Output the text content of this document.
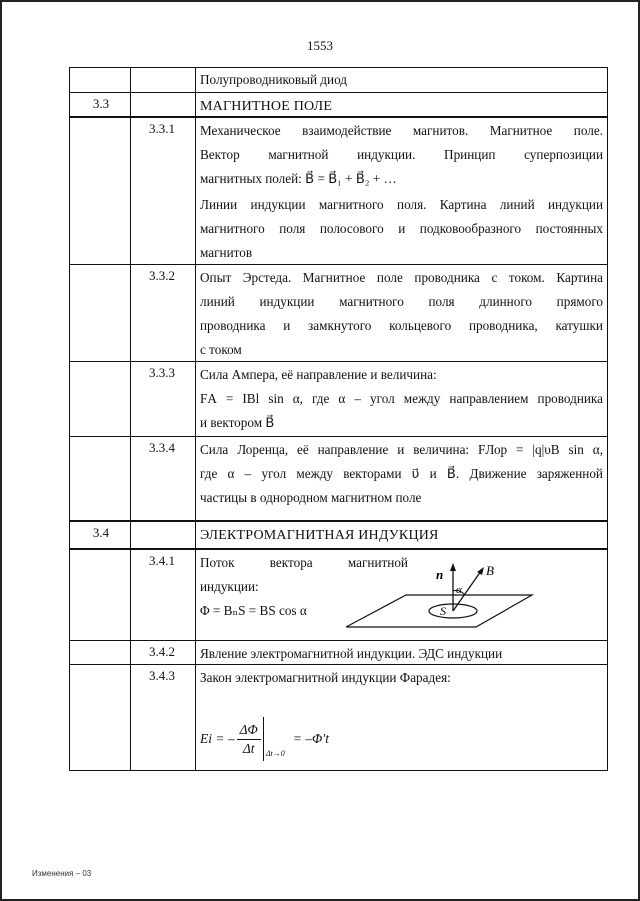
1553
Полупроводниковый диод
3.3	МАГНИТНОЕ ПОЛЕ
3.3.1	Механическое взаимодействие магнитов. Магнитное поле.
Вектор магнитной индукции. Принцип суперпозиции
магнитных полей: B⃗ = B⃗₁ + B⃗₂ + …
Линии индукции магнитного поля. Картина линий индукции
магнитного поля полосового и подковообразного постоянных
магнитов
3.3.2	Опыт Эрстеда. Магнитное поле проводника с током. Картина
линий индукции магнитного поля длинного прямого
проводника и замкнутого кольцевого проводника, катушки
с током
3.3.3	Сила Ампера, её направление и величина:
FА = IBl sin α, где α – угол между направлением проводника
и вектором B⃗
3.3.4	Сила Лоренца, её направление и величина: FЛор = |q|υB sin α,
где α – угол между векторами υ⃗ и B⃗. Движение заряженной
частицы в однородном магнитном поле
3.4	ЭЛЕКТРОМАГНИТНАЯ ИНДУКЦИЯ
3.4.1	Поток вектора магнитной
индукции:
Φ = BₙS = BS cos α
3.4.2	Явление электромагнитной индукции. ЭДС индукции
3.4.3	Закон электромагнитной индукции Фарадея:
Ei = – $\frac{\Delta\Phi}{\Delta t} \Delta t\to 0$
= –Φ′t
n⃗	B⃗
α
S
Изменения – 03
